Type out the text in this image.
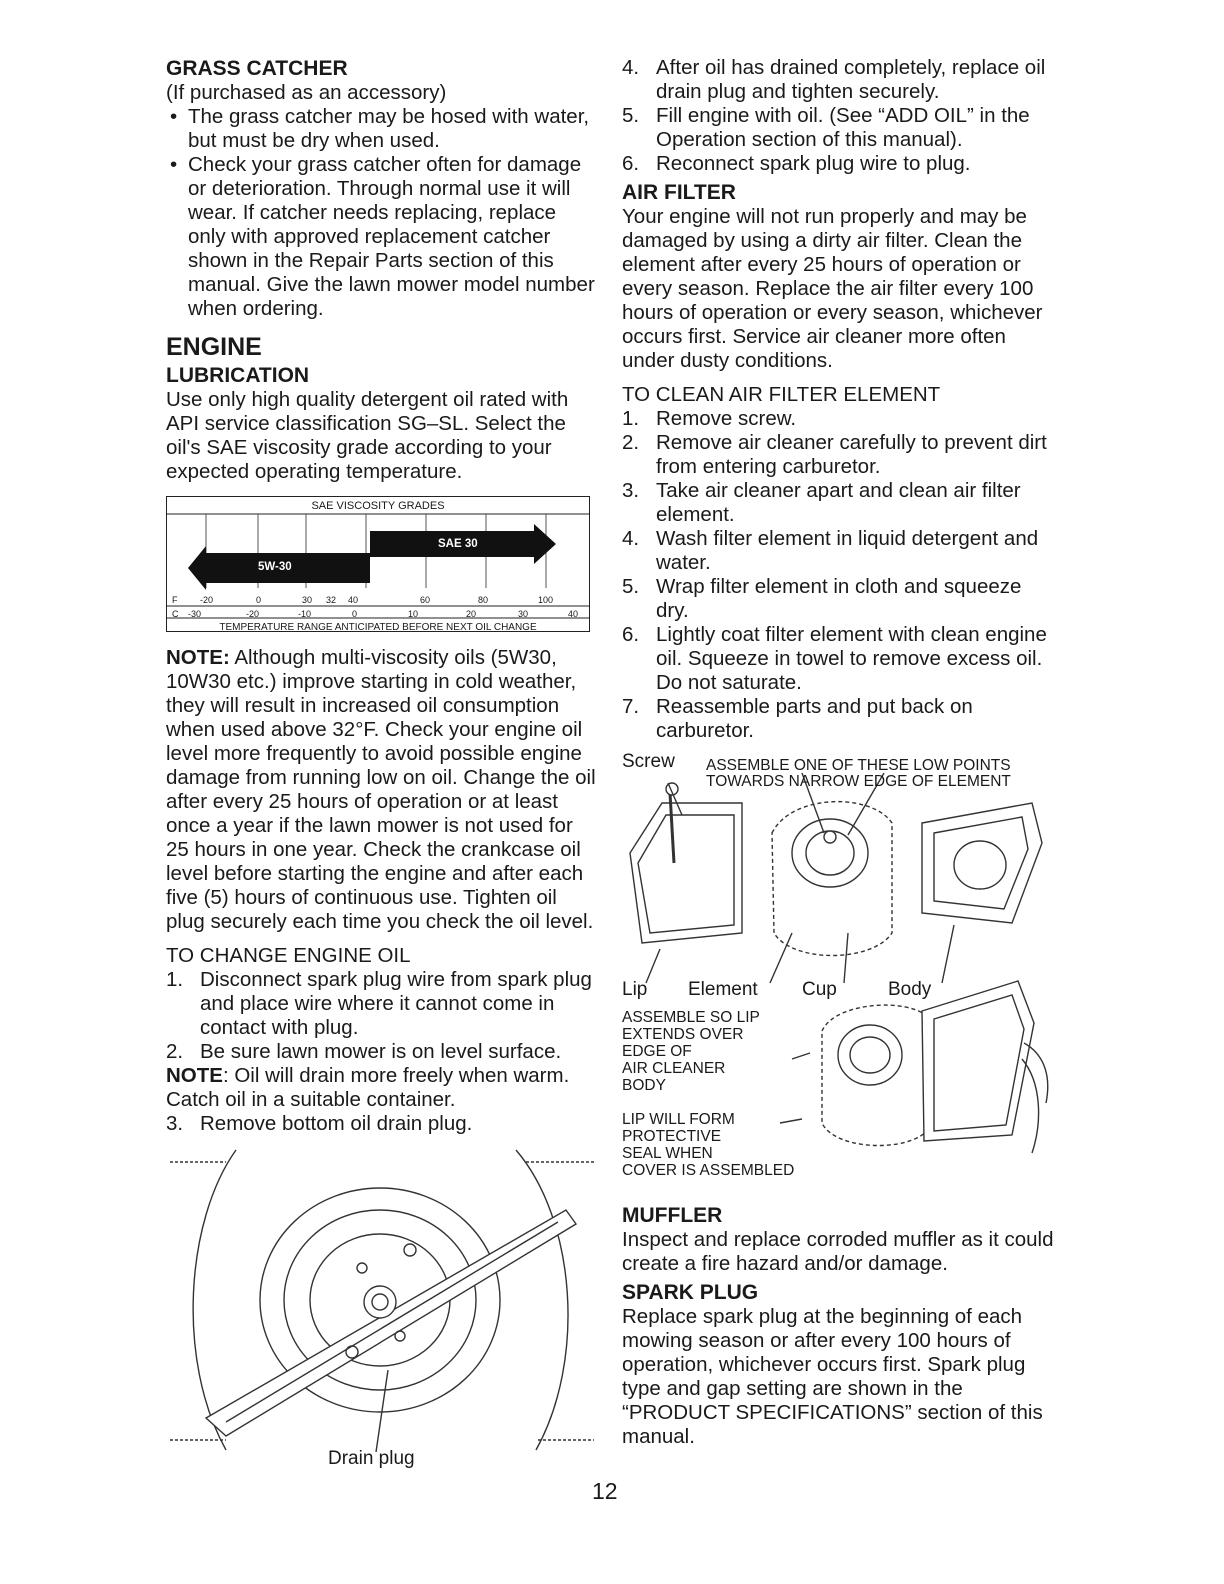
GRASS CATCHER

(If purchased as an accessory)

• The grass catcher may be hosed with water, but must be dry when used.
• Check your grass catcher often for damage or deterioration. Through normal use it will wear. If catcher needs replacing, replace only with approved replacement catcher shown in the Repair Parts section of this manual. Give the lawn mower model number when ordering.
ENGINE
LUBRICATION

Use only high quality detergent oil rated with API service classification SG–SL. Select the oil's SAE viscosity grade according to your expected operating temperature.

SAE VISCOSITY GRADES
5W-30
SAE 30
F	-20	0	30 32 40	60	80	100
C -30	-20	-10	0	10	20	30	40
TEMPERATURE RANGE ANTICIPATED BEFORE NEXT OIL CHANGE

NOTE: Although multi-viscosity oils (5W30, 10W30 etc.) improve starting in cold weather, they will result in increased oil consumption when used above 32°F. Check your engine oil level more frequently to avoid possible engine damage from running low on oil. Change the oil after every 25 hours of operation or at least once a year if the lawn mower is not used for 25 hours in one year. Check the crankcase oil level before starting the engine and after each five (5) hours of continuous use. Tighten oil plug securely each time you check the oil level.

TO CHANGE ENGINE OIL

1. Disconnect spark plug wire from spark plug and place wire where it cannot come in contact with plug.
2. Be sure lawn mower is on level surface.

NOTE: Oil will drain more freely when warm. Catch oil in a suitable container.

3. Remove bottom oil drain plug.
Drain plug
4. After oil has drained completely, replace oil drain plug and tighten securely.
5. Fill engine with oil. (See “ADD OIL” in the Operation section of this manual).
6. Reconnect spark plug wire to plug.
AIR FILTER

Your engine will not run properly and may be damaged by using a dirty air filter. Clean the element after every 25 hours of operation or every season. Replace the air filter every 100 hours of operation or every season, whichever occurs first. Service air cleaner more often under dusty conditions.

TO CLEAN AIR FILTER ELEMENT

1. Remove screw.
2. Remove air cleaner carefully to prevent dirt from entering carburetor.
3. Take air cleaner apart and clean air filter element.
4. Wash filter element in liquid detergent and water.
5. Wrap filter element in cloth and squeeze dry.
6. Lightly coat filter element with clean engine oil. Squeeze in towel to remove excess oil. Do not saturate.
7. Reassemble parts and put back on carburetor.
Screw ASSEMBLE ONE OF THESE LOW POINTS
TOWARDS NARROW EDGE OF ELEMENT
Lip Element Cup	Body
ASSEMBLE SO LIP
EXTENDS OVER
EDGE OF
AIR CLEANER
BODY
LIP WILL FORM
PROTECTIVE
SEAL WHEN
COVER IS ASSEMBLED
MUFFLER

Inspect and replace corroded muffler as it could create a fire hazard and/or damage.

SPARK PLUG

Replace spark plug at the beginning of each mowing season or after every 100 hours of operation, whichever occurs first. Spark plug type and gap setting are shown in the “PRODUCT SPECIFICATIONS” section of this manual.

12
